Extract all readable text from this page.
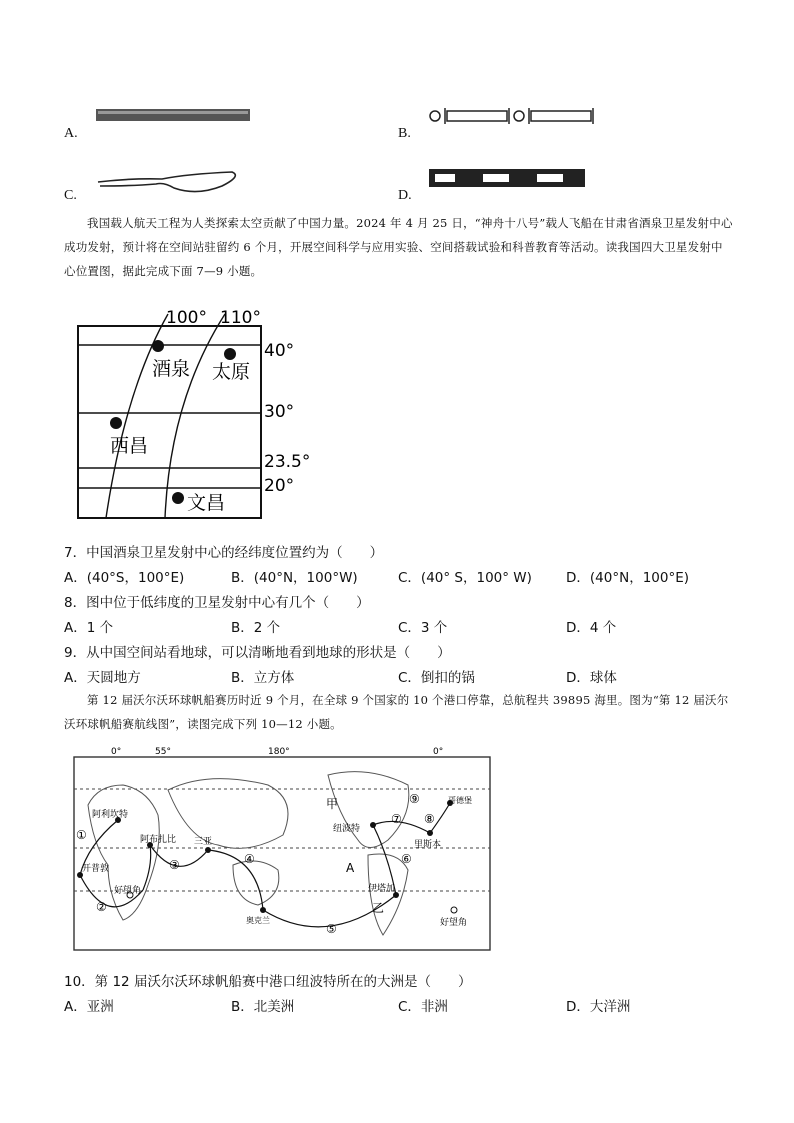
A.	B.
C.	D.
我国载人航天工程为人类探索太空贡献了中国力量。2024 年 4 月 25 日，“神舟十八号”载人飞船在甘肃省酒泉卫星发射中心成功发射，预计将在空间站驻留约 6 个月，开展空间科学与应用实验、空间搭载试验和科普教育等活动。读我国四大卫星发射中心位置图，据此完成下面 7—9 小题。
100° 110°
40°
30°
23.5°
20°
酒泉 太原
西昌
文昌
7．中国酒泉卫星发射中心的经纬度位置约为（　　）
A．(40°S，100°E)	B．(40°N，100°W)	C．(40° S，100° W)	D．(40°N，100°E)
8．图中位于低纬度的卫星发射中心有几个（　　）
A．1 个	B．2 个	C．3 个	D．4 个
9．从中国空间站看地球，可以清晰地看到地球的形状是（　　）
A．天圆地方	B．立方体	C．倒扣的锅	D．球体
第 12 届沃尔沃环球帆船赛历时近 9 个月，在全球 9 个国家的 10 个港口停靠，总航程共 39895 海里。图为“第 12 届沃尔沃环球帆船赛航线图”，读图完成下列 10—12 小题。
0°	55°	180°	0°
阿利坎特
阿布扎比 三亚
奥克兰
伊塔加
纽波特
里斯本
哥德堡
开普敦
好望角
好望角
甲
乙
A
①
②
③	④
⑤
⑥
⑦ ⑧
⑨
10．第 12 届沃尔沃环球帆船赛中港口纽波特所在的大洲是（　　）
A．亚洲	B．北美洲	C．非洲	D．大洋洲
